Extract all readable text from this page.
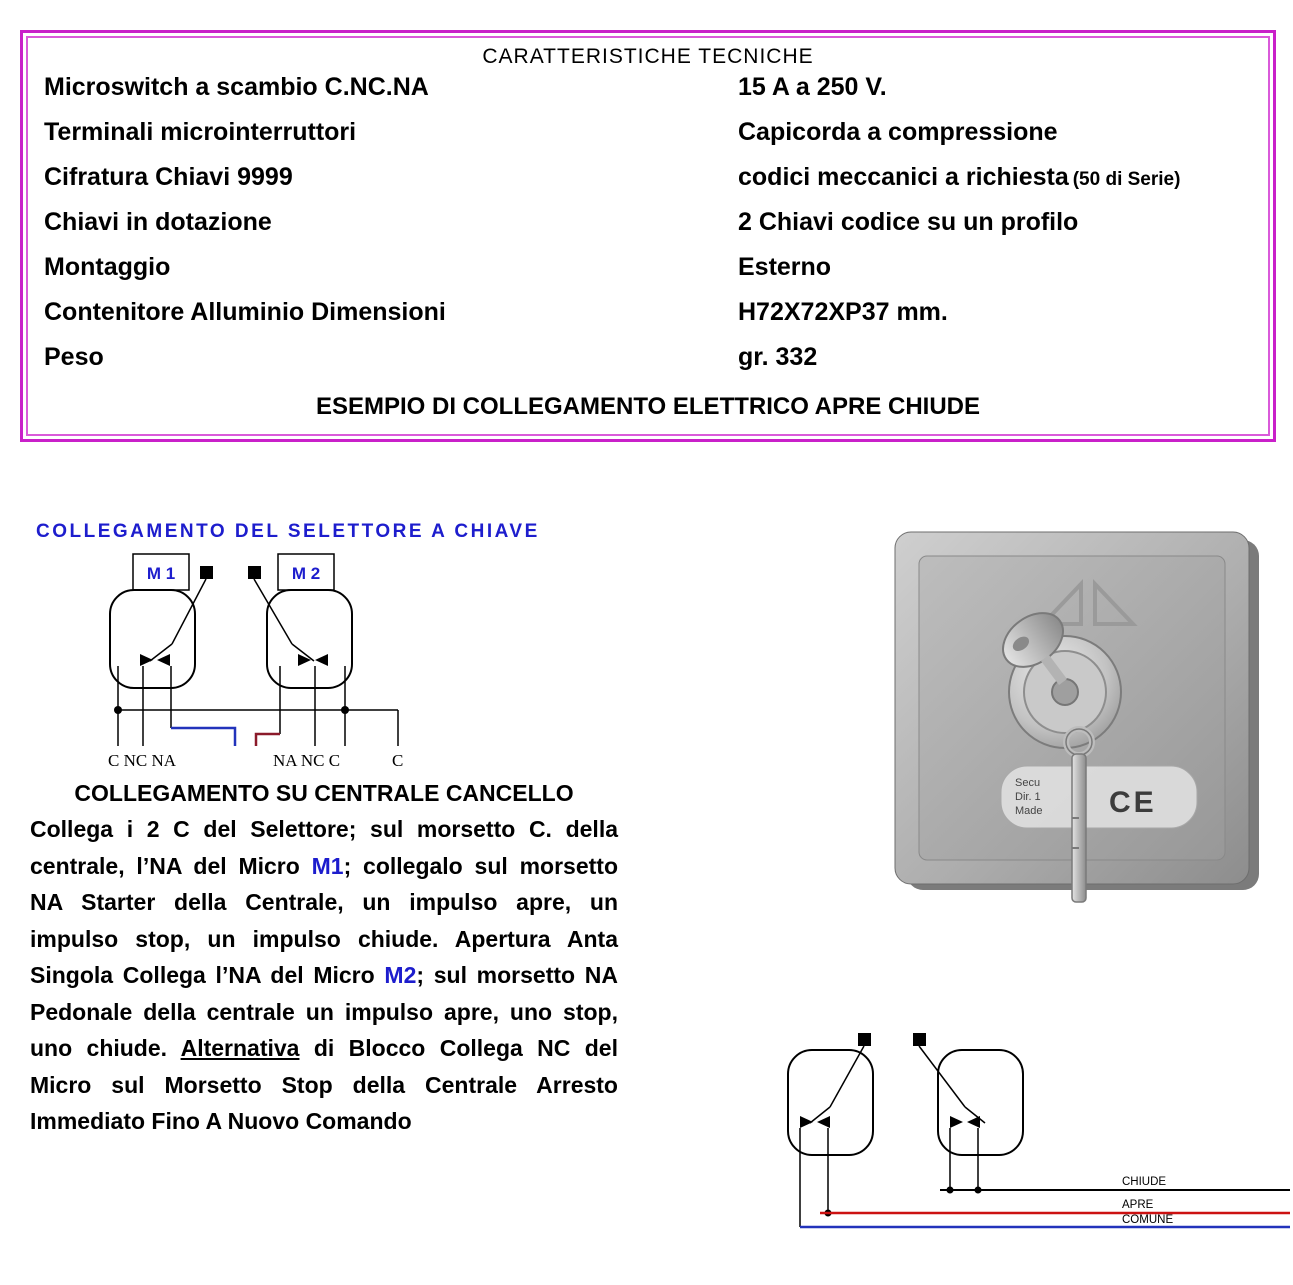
CARATTERISTICHE TECNICHE
Microswitch a scambio C.NC.NA	15 A a 250 V.
Terminali microinterruttori	Capicorda a compressione
Cifratura Chiavi 9999	codici meccanici a richiesta (50 di Serie)
Chiavi in dotazione	2 Chiavi codice su un profilo
Montaggio	Esterno
Contenitore Alluminio Dimensioni	H72X72XP37 mm.
Peso	gr. 332
ESEMPIO DI COLLEGAMENTO ELETTRICO APRE CHIUDE
COLLEGAMENTO DEL SELETTORE A CHIAVE
M 1	M 2
C NC NA	NA NC C	C
COLLEGAMENTO SU CENTRALE CANCELLO

Collega i 2 C del Selettore; sul morsetto C. della centrale, l’NA del Micro M1; collegalo sul morsetto NA Starter della Centrale, un impulso apre, un impulso stop, un impulso chiude. Apertura Anta Singola Collega l’NA del Micro M2; sul morsetto NA Pedonale della centrale un impulso apre, uno stop, uno chiude. Alternativa di Blocco Collega NC del Micro sul Morsetto Stop della Centrale Arresto Immediato Fino A Nuovo Comando

Secu
Dir. 1
Made CE
CHIUDE
APRE
COMUNE
